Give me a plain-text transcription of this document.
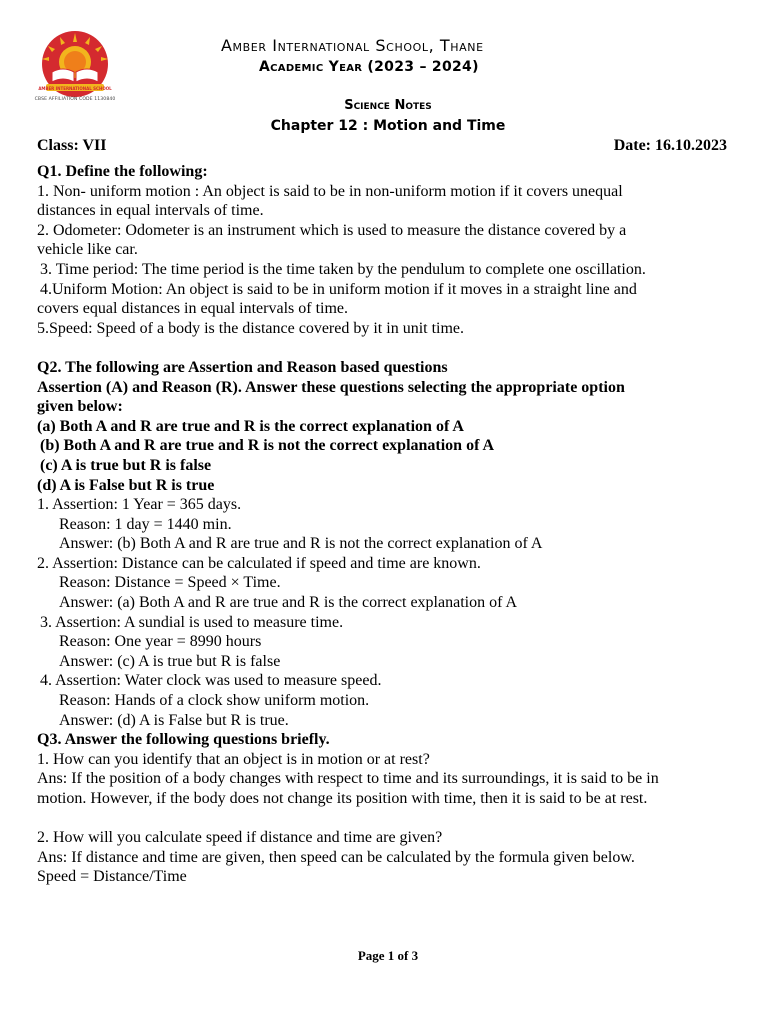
AMBER INTERNATIONAL SCHOOL
CBSE AFFILIATION CODE 1130840
Amber International School, Thane
Academic Year (2023 – 2024)
Science Notes
Chapter 12 : Motion and Time
Class: VII	Date: 16.10.2023
Q1. Define the following:
1. Non- uniform motion : An object is said to be in non-uniform motion if it covers unequal
distances in equal intervals of time.
2. Odometer: Odometer is an instrument which is used to measure the distance covered by a
vehicle like car.
3. Time period: The time period is the time taken by the pendulum to complete one oscillation.
4.Uniform Motion: An object is said to be in uniform motion if it moves in a straight line and
covers equal distances in equal intervals of time.
5.Speed: Speed of a body is the distance covered by it in unit time.
Q2. The following are Assertion and Reason based questions
Assertion (A) and Reason (R). Answer these questions selecting the appropriate option
given below:
(a) Both A and R are true and R is the correct explanation of A
(b) Both A and R are true and R is not the correct explanation of A
(c) A is true but R is false
(d) A is False but R is true
1. Assertion: 1 Year = 365 days.
Reason: 1 day = 1440 min.
Answer: (b) Both A and R are true and R is not the correct explanation of A
2. Assertion: Distance can be calculated if speed and time are known.
Reason: Distance = Speed × Time.
Answer: (a) Both A and R are true and R is the correct explanation of A
3. Assertion: A sundial is used to measure time.
Reason: One year = 8990 hours
Answer: (c) A is true but R is false
4. Assertion: Water clock was used to measure speed.
Reason: Hands of a clock show uniform motion.
Answer: (d) A is False but R is true.
Q3. Answer the following questions briefly.
1. How can you identify that an object is in motion or at rest?
Ans: If the position of a body changes with respect to time and its surroundings, it is said to be in
motion. However, if the body does not change its position with time, then it is said to be at rest.
2. How will you calculate speed if distance and time are given?
Ans: If distance and time are given, then speed can be calculated by the formula given below.
Speed = Distance/Time
Page 1 of 3
